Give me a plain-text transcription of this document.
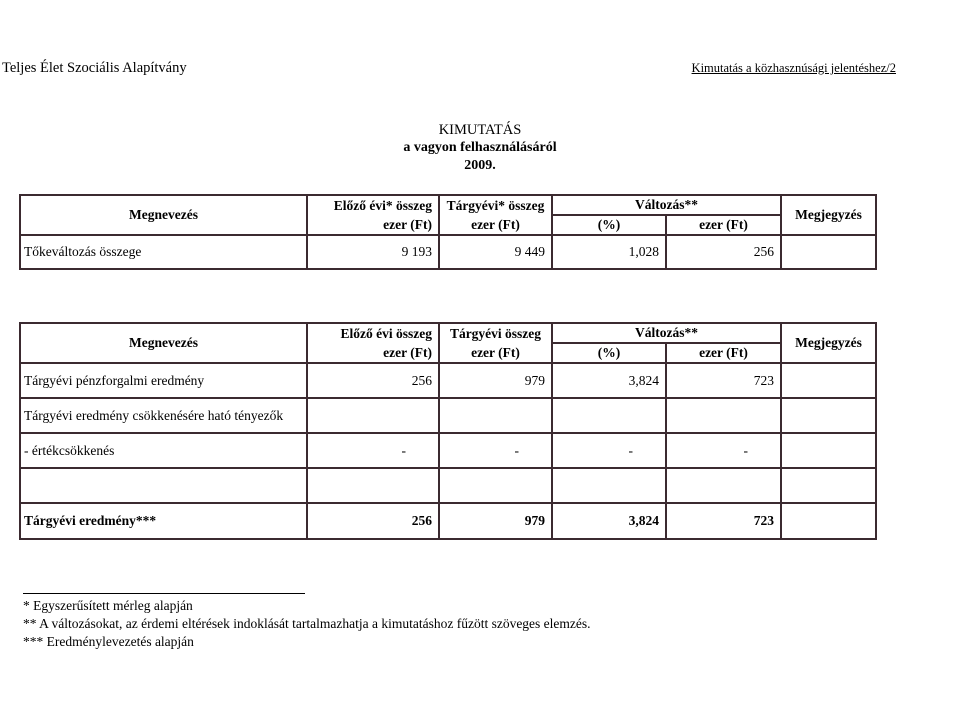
Teljes Élet Szociális Alapítvány	Kimutatás a közhasznúsági jelentéshez/2
KIMUTATÁS
a vagyon felhasználásáról
2009.
Megnevezés	Előző évi* összeg	Tárgyévi* összeg	Változás**		Megjegyzés
	ezer (Ft)	ezer (Ft)	(%)	ezer (Ft)	
Tőkeváltozás összege	9 193	9 449	1,028	256	
Megnevezés	Előző évi összeg	Tárgyévi összeg	Változás**		Megjegyzés
	ezer (Ft)	ezer (Ft)	(%)	ezer (Ft)	
Tárgyévi pénzforgalmi eredmény	256	979	3,824	723	
Tárgyévi eredmény csökkenésére ható tényezők					
- értékcsökkenés	-	-	-	-	

Tárgyévi eredmény***	256	979	3,824	723	
* Egyszerűsített mérleg alapján
** A változásokat, az érdemi eltérések indoklását tartalmazhatja a kimutatáshoz fűzött szöveges elemzés.
*** Eredménylevezetés alapján
